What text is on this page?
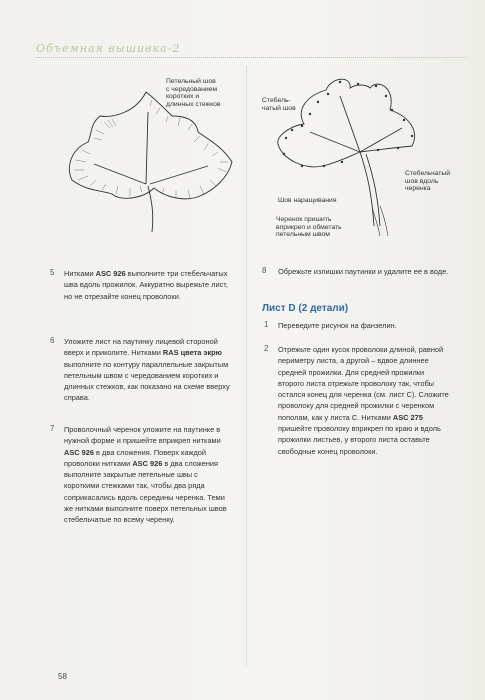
Объемная вышивка-2
Петельный шов
с чередованием
коротких и
длинных стежков	Стебель-
чатый шов
Стебельчатый
шов вдоль
черенка
Шов наращивания
Черенок пришить
вприкреп и обметать
петельным швом
5 Нитками ASC 926 выполните три стебельчатых шва вдоль прожилок. Аккуратно вырежьте лист, но не отрезайте конец проволоки.
6 Уложите лист на паутинку лицевой стороной вверх и приколите. Нитками RAS цвета экрю выполните по контуру параллельные закрытым петельным швом с чередованием коротких и длинных стежков, как показано на схеме вверху справа.
7 Проволочный черенок уложите на паутинке в нужной форме и пришейте вприкреп нитками ASC 926 в два сложения. Поверх каждой проволоки нитками ASC 926 в два сложения выполните закрытые петельные швы с короткими стежками так, чтобы два ряда соприкасались вдоль середины черенка. Теми же нитками выполните поверх петельных швов стебельчатые по всему черенку.
8 Обрежьте излишки паутинки и удалите ее в воде.
1 Переведите рисунок на фанзелин.
2 Отрежьте один кусок проволоки длиной, равной периметру листа, а другой – вдвое длиннее средней прожилки. Для средней прожилки второго листа отрежьте проволоку так, чтобы остался конец для черенка (см. лист С). Сложите проволоку для средней прожилки с черенком пополам, как у листа С. Нитками ASC 275 пришейте проволоку вприкреп по краю и вдоль прожилки листьев, у второго листа оставьте свободные конец проволоки.
Лист D (2 детали)
58
